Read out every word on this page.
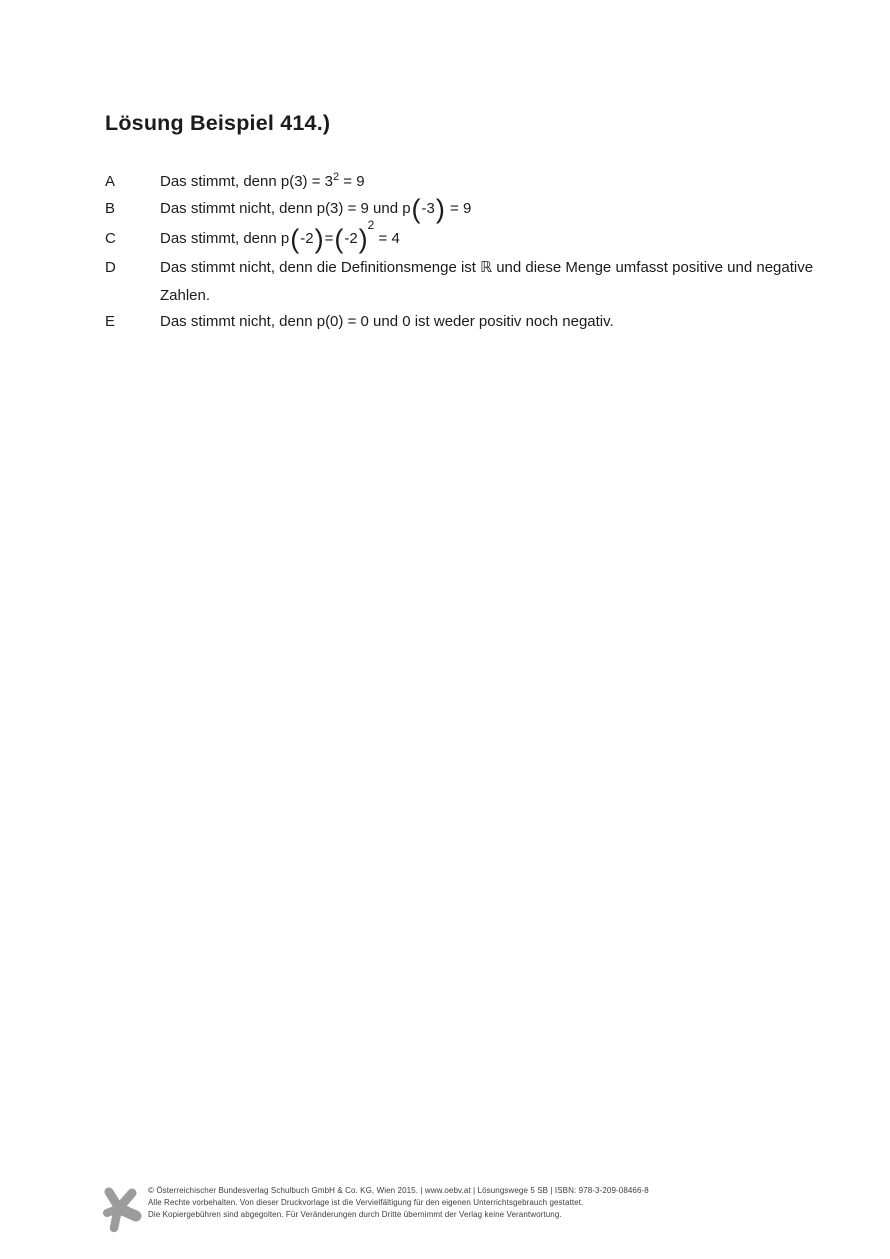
Lösung Beispiel 414.)
A	Das stimmt, denn $p(3) = 3^2 = 9$
B	Das stimmt nicht, denn p(3) = 9 und p(-3) = 9
C	Das stimmt, denn $p(-2)=(-2)^2 = 4$
D	Das stimmt nicht, denn die Definitionsmenge ist ℝ und diese Menge umfasst positive und negative
Zahlen.
E	Das stimmt nicht, denn p(0) = 0 und 0 ist weder positiv noch negativ.
© Österreichischer Bundesverlag Schulbuch GmbH & Co. KG, Wien 2015. | www.oebv.at | Lösungswege 5 SB | ISBN: 978-3-209-08466-8
Alle Rechte vorbehalten. Von dieser Druckvorlage ist die Vervielfältigung für den eigenen Unterrichtsgebrauch gestattet.
Die Kopiergebühren sind abgegolten. Für Veränderungen durch Dritte übernimmt der Verlag keine Verantwortung.
